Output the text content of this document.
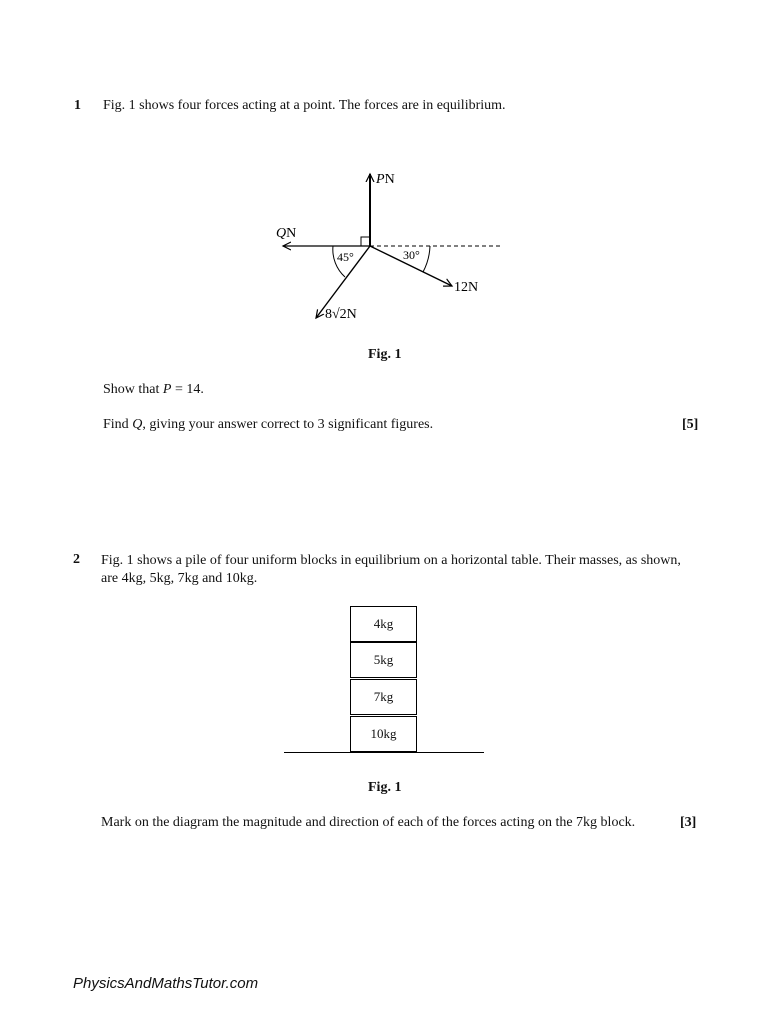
1 Fig. 1 shows four forces acting at a point. The forces are in equilibrium.
PN
QN
45°	30°
12N
8√2N
Fig. 1
Show that P = 14.
Find Q, giving your answer correct to 3 significant figures.	[5]
2 Fig. 1 shows a pile of four uniform blocks in equilibrium on a horizontal table. Their masses, as shown, are 4kg, 5kg, 7kg and 10kg.
4kg
5kg
7kg
10kg
Fig. 1
Mark on the diagram the magnitude and direction of each of the forces acting on the 7kg block.	[3]
PhysicsAndMathsTutor.com
